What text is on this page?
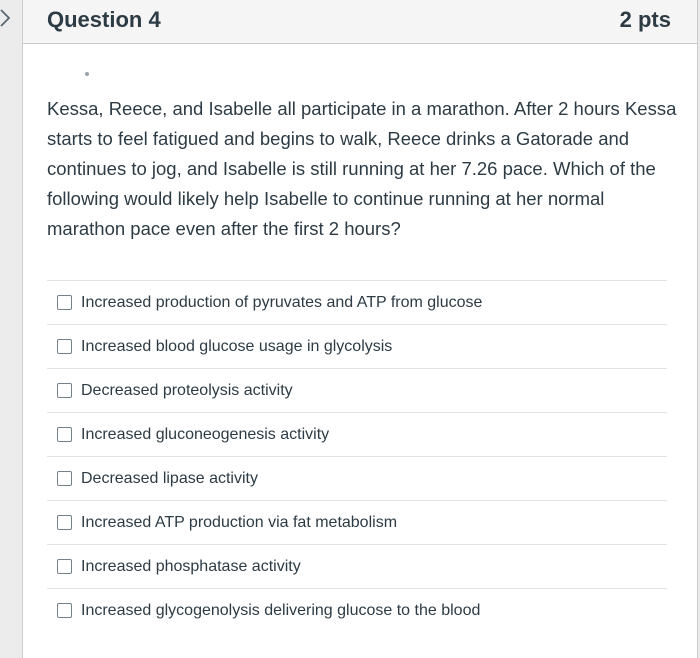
Question 4	2 pts
Kessa, Reece, and Isabelle all participate in a marathon. After 2 hours Kessa starts to feel fatigued and begins to walk, Reece drinks a Gatorade and continues to jog, and Isabelle is still running at her 7.26 pace. Which of the following would likely help Isabelle to continue running at her normal marathon pace even after the first 2 hours?
Increased production of pyruvates and ATP from glucose
Increased blood glucose usage in glycolysis
Decreased proteolysis activity
Increased gluconeogenesis activity
Decreased lipase activity
Increased ATP production via fat metabolism
Increased phosphatase activity
Increased glycogenolysis delivering glucose to the blood
